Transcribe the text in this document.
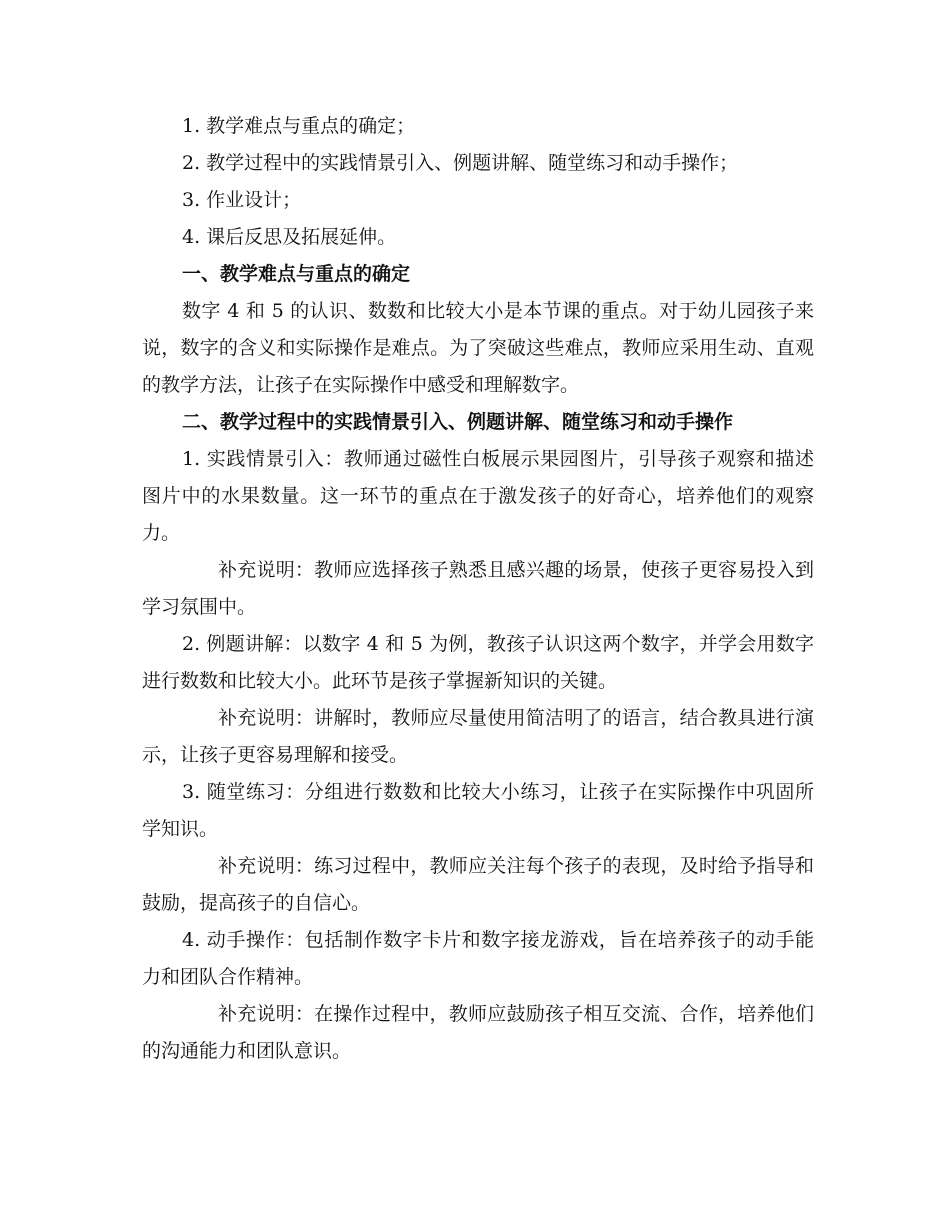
1. 教学难点与重点的确定；

2. 教学过程中的实践情景引入、例题讲解、随堂练习和动手操作；

3. 作业设计；

4. 课后反思及拓展延伸。

一、教学难点与重点的确定

数字 4 和 5 的认识、数数和比较大小是本节课的重点。对于幼儿园孩子来说，数字的含义和实际操作是难点。为了突破这些难点，教师应采用生动、直观的教学方法，让孩子在实际操作中感受和理解数字。

二、教学过程中的实践情景引入、例题讲解、随堂练习和动手操作

1. 实践情景引入：教师通过磁性白板展示果园图片，引导孩子观察和描述图片中的水果数量。这一环节的重点在于激发孩子的好奇心，培养他们的观察力。

补充说明：教师应选择孩子熟悉且感兴趣的场景，使孩子更容易投入到学习氛围中。

2. 例题讲解：以数字 4 和 5 为例，教孩子认识这两个数字，并学会用数字进行数数和比较大小。此环节是孩子掌握新知识的关键。

补充说明：讲解时，教师应尽量使用简洁明了的语言，结合教具进行演示，让孩子更容易理解和接受。

3. 随堂练习：分组进行数数和比较大小练习，让孩子在实际操作中巩固所学知识。

补充说明：练习过程中，教师应关注每个孩子的表现，及时给予指导和鼓励，提高孩子的自信心。

4. 动手操作：包括制作数字卡片和数字接龙游戏，旨在培养孩子的动手能力和团队合作精神。

补充说明：在操作过程中，教师应鼓励孩子相互交流、合作，培养他们的沟通能力和团队意识。
